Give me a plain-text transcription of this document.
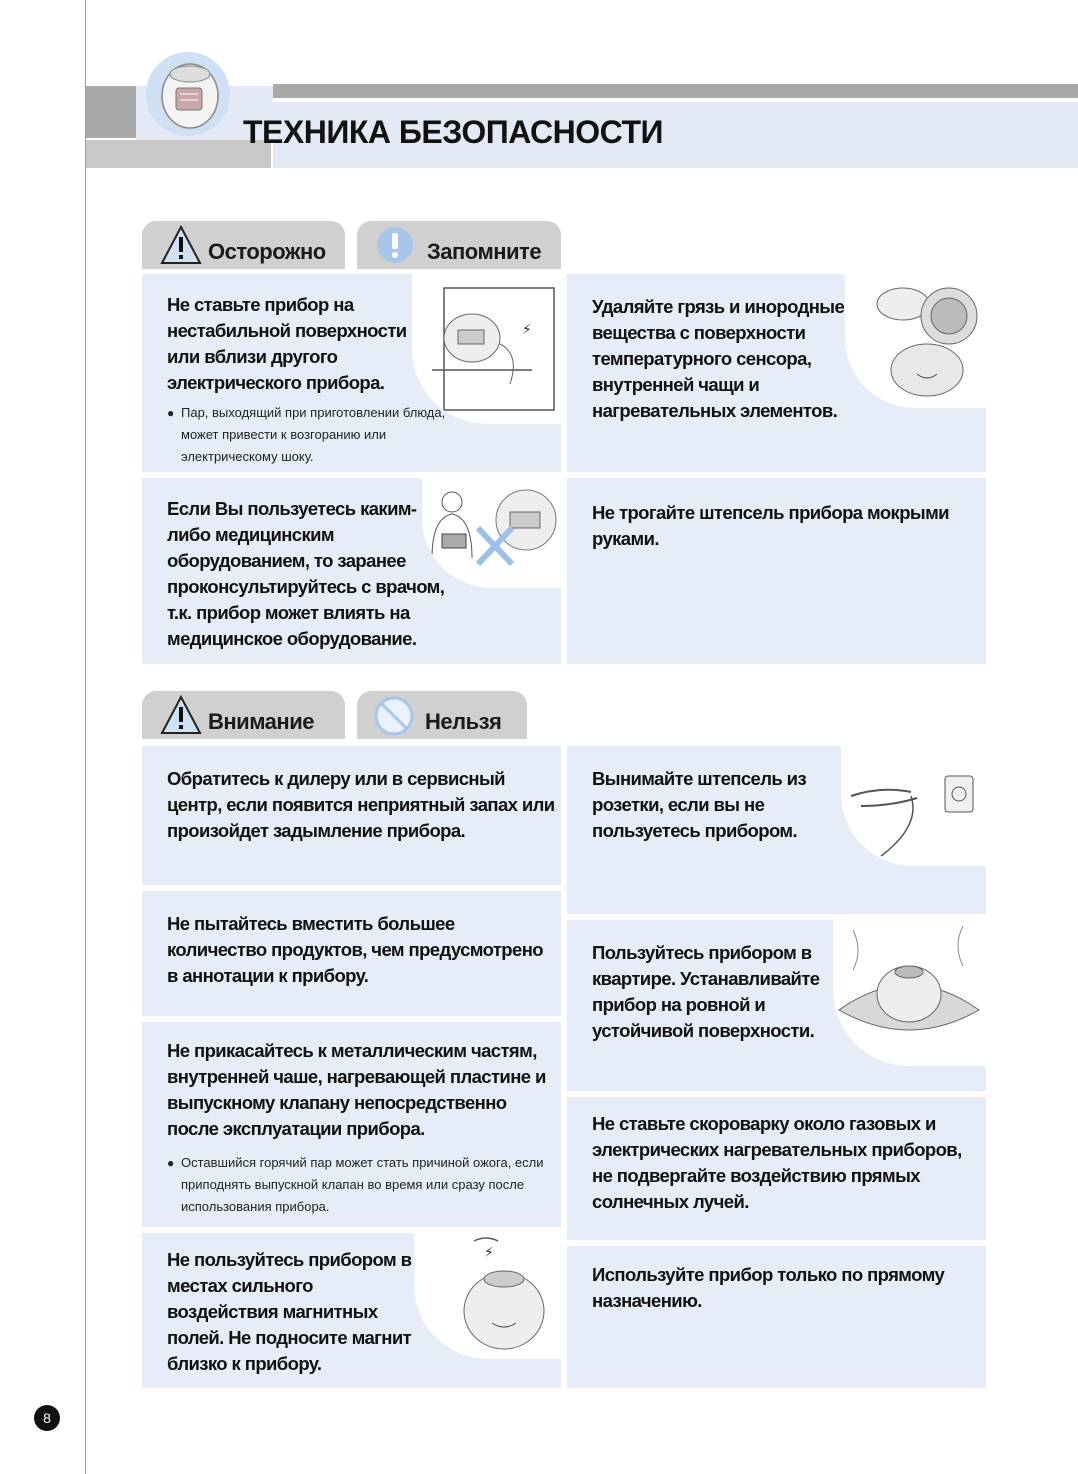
ТЕХНИКА БЕЗОПАСНОСТИ
Осторожно	Запомните
⚡
Не ставьте прибор на нестабильной поверхности или вблизи другого электрического прибора.
● Пар, выходящий при приготовлении блюда, может привести к возгоранию или электрическому шоку.
Если Вы пользуетесь каким-либо медицинским оборудованием, то заранее проконсультируйтесь с врачом, т.к. прибор может влиять на медицинское оборудование.
Удаляйте грязь и инородные вещества с поверхности температурного сенсора, внутренней чащи и нагревательных элементов.
Не трогайте штепсель прибора мокрыми руками.
Внимание	Нельзя
Обратитесь к дилеру или в сервисный центр, если появится неприятный запах или произойдет задымление прибора.
Не пытайтесь вместить большее количество продуктов, чем предусмотрено в аннотации к прибору.
Не прикасайтесь к металлическим частям, внутренней чаше, нагревающей пластине и выпускному клапану непосредственно после эксплуатации прибора.
● Оставшийся горячий пар может стать причиной ожога, если приподнять выпускной клапан во время или сразу после использования прибора.
⚡
Не пользуйтесь прибором в местах сильного воздействия магнитных полей. Не подносите магнит близко к прибору.
Вынимайте штепсель из розетки, если вы не пользуетесь прибором.
Пользуйтесь прибором в квартире. Устанавливайте прибор на ровной и устойчивой поверхности.
Не ставьте скороварку около газовых и электрических нагревательных приборов, не подвергайте воздействию прямых солнечных лучей.
Используйте прибор только по прямому назначению.
8
